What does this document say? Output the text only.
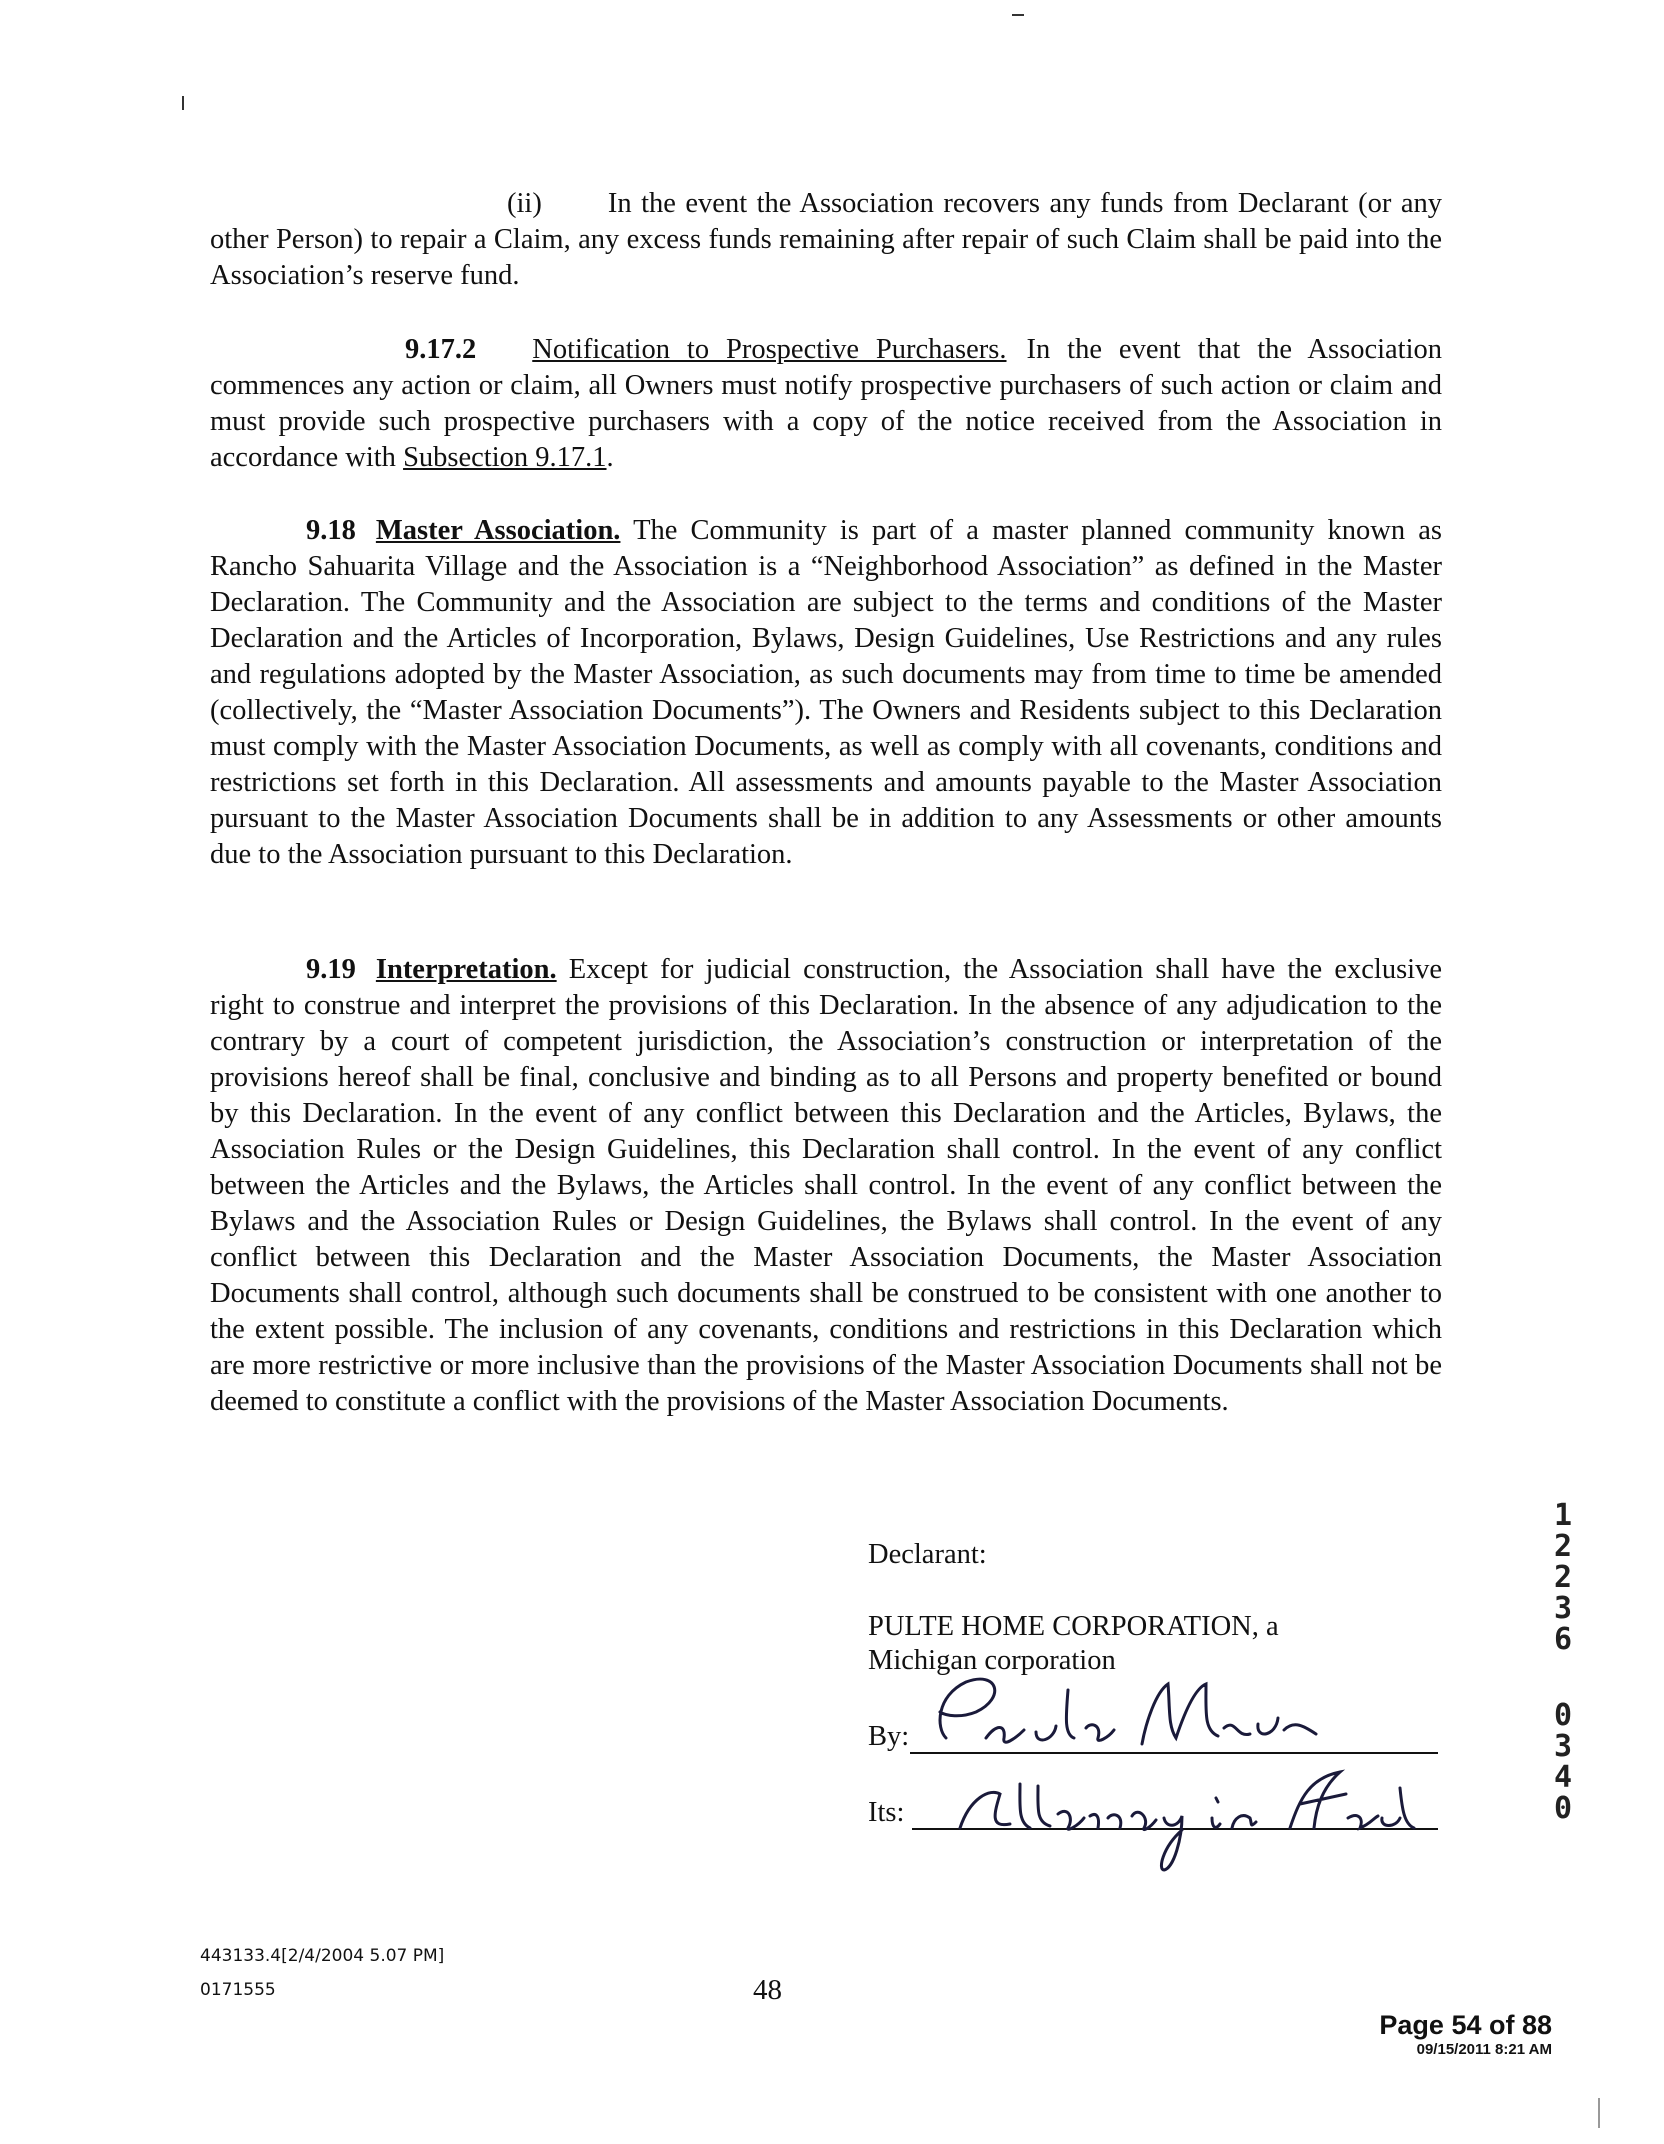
(ii) In the event the Association recovers any funds from Declarant (or any other Person) to repair a Claim, any excess funds remaining after repair of such Claim shall be paid into the Association’s reserve fund.

9.17.2 Notification to Prospective Purchasers. In the event that the Association commences any action or claim, all Owners must notify prospective purchasers of such action or claim and must provide such prospective purchasers with a copy of the notice received from the Association in accordance with Subsection 9.17.1.

9.18 Master Association. The Community is part of a master planned community known as Rancho Sahuarita Village and the Association is a “Neighborhood Association” as defined in the Master Declaration. The Community and the Association are subject to the terms and conditions of the Master Declaration and the Articles of Incorporation, Bylaws, Design Guidelines, Use Restrictions and any rules and regulations adopted by the Master Association, as such documents may from time to time be amended (collectively, the “Master Association Documents”). The Owners and Residents subject to this Declaration must comply with the Master Association Documents, as well as comply with all covenants, conditions and restrictions set forth in this Declaration. All assessments and amounts payable to the Master Association pursuant to the Master Association Documents shall be in addition to any Assessments or other amounts due to the Association pursuant to this Declaration.

9.19 Interpretation. Except for judicial construction, the Association shall have the exclusive right to construe and interpret the provisions of this Declaration. In the absence of any adjudication to the contrary by a court of competent jurisdiction, the Association’s construction or interpretation of the provisions hereof shall be final, conclusive and binding as to all Persons and property benefited or bound by this Declaration. In the event of any conflict between this Declaration and the Articles, Bylaws, the Association Rules or the Design Guidelines, this Declaration shall control. In the event of any conflict between the Articles and the Bylaws, the Articles shall control. In the event of any conflict between the Bylaws and the Association Rules or Design Guidelines, the Bylaws shall control. In the event of any conflict between this Declaration and the Master Association Documents, the Master Association Documents shall control, although such documents shall be construed to be consistent with one another to the extent possible. The inclusion of any covenants, conditions and restrictions in this Declaration which are more restrictive or more inclusive than the provisions of the Master Association Documents shall not be deemed to constitute a conflict with the provisions of the Master Association Documents.

Declarant:
PULTE HOME CORPORATION, a
Michigan corporation
By:
Its:
443133.4[2/4/2004 5.07 PM]
0171555	48
Page 54 of 88
09/15/2011 8:21 AM
1
2
2
3
6
0
3
4
0
